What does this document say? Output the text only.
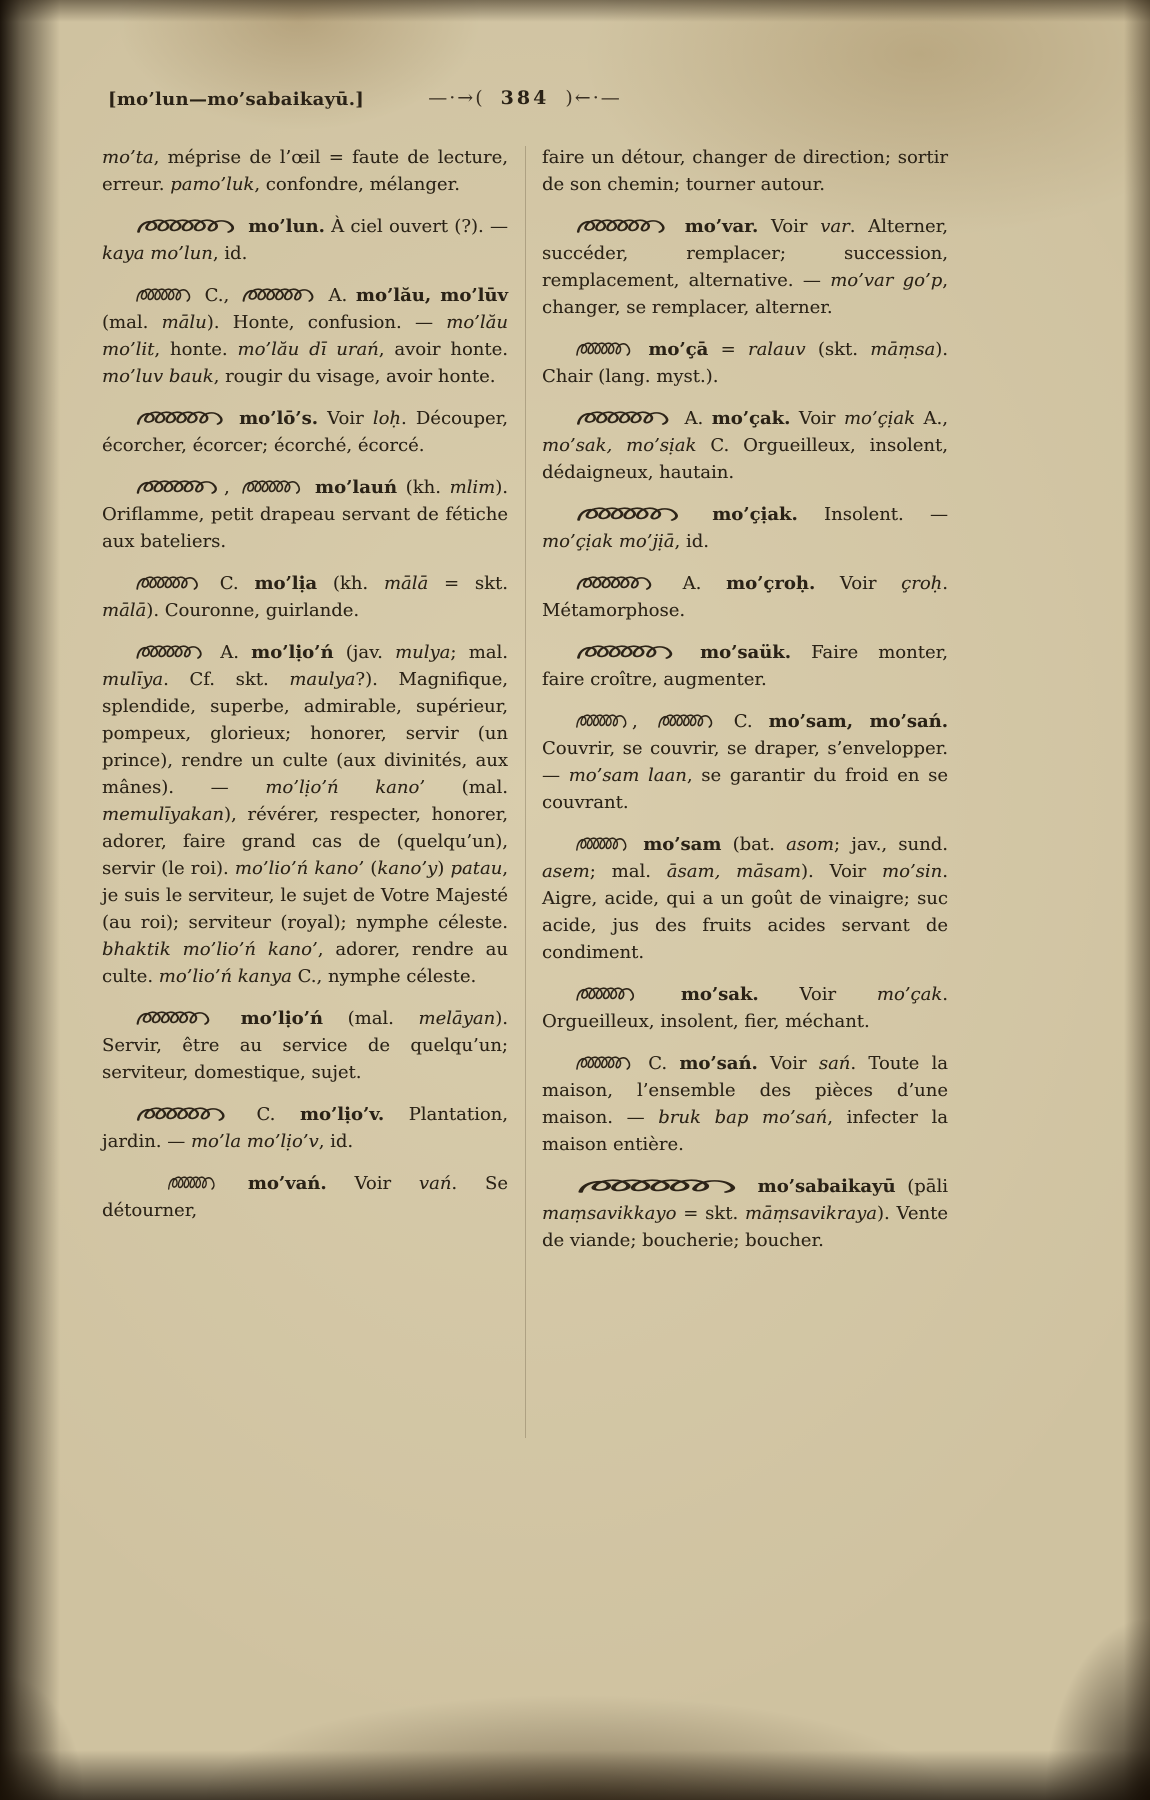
[mo’lun—mo’sabaikayū.]	—·→( 384 )←·—

mo’ta, méprise de l’œil = faute de lecture, erreur. pamo’luk, confondre, mélanger.

mo’lun. À ciel ouvert (?). — kaya mo’lun, id.

C.,	A. mo’lău, mo’lūv (mal. mālu). Honte, confusion. — mo’lău mo’lit, honte. mo’lău dī urań, avoir honte. mo’luv bauk, rougir du visage, avoir honte.

mo’lō’s. Voir loḥ. Découper, écorcher, écorcer; écorché, écorcé.

,	mo’lauń (kh. mlim). Oriflamme, petit drapeau servant de fétiche aux bateliers.

C. mo’lịa (kh. mālā = skt. mālā). Couronne, guirlande.

A. mo’lịo’ń (jav. mulya; mal. mulīya. Cf. skt. maulya?). Magnifique, splendide, superbe, admirable, supérieur, pompeux, glorieux; honorer, servir (un prince), rendre un culte (aux divinités, aux mânes). — mo’lịo’ń kano’ (mal. memulīyakan), révérer, respecter, honorer, adorer, faire grand cas de (quelqu’un), servir (le roi). mo’lio’ń kano’ (kano’y) patau, je suis le serviteur, le sujet de Votre Majesté (au roi); serviteur (royal); nymphe céleste. bhaktik mo’lio’ń kano’, adorer, rendre au culte. mo’lio’ń kanya C., nymphe céleste.

mo’lịo’ń (mal. melāyan). Servir, être au service de quelqu’un; serviteur, domestique, sujet.

C. mo’lịo’v. Plantation, jardin. — mo’la mo’lịo’v, id.

mo’vań. Voir vań. Se détourner,

faire un détour, changer de direction; sortir de son chemin; tourner autour.

mo’var. Voir var. Alterner, succéder, remplacer; succession, remplacement, alternative. — mo’var go’p, changer, se remplacer, alterner.

mo’çā = ralauv (skt. māṃsa). Chair (lang. myst.).

A. mo’çak. Voir mo’çịak A., mo’sak, mo’sịak C. Orgueilleux, insolent, dédaigneux, hautain.

mo’çịak. Insolent. — mo’çịak mo’jịā, id.

A. mo’çroḥ. Voir çroḥ. Métamorphose.

mo’saük. Faire monter, faire croître, augmenter.

,	C. mo’sam, mo’sań. Couvrir, se couvrir, se draper, s’envelopper. — mo’sam laan, se garantir du froid en se couvrant.

mo’sam (bat. asom; jav., sund. asem; mal. āsam, māsam). Voir mo’sin. Aigre, acide, qui a un goût de vinaigre; suc acide, jus des fruits acides servant de condiment.

mo’sak. Voir mo’çak. Orgueilleux, insolent, fier, méchant.

C. mo’sań. Voir sań. Toute la maison, l’ensemble des pièces d’une maison. — bruk bap mo’sań, infecter la maison entière.

mo’sabaikayū (pāli maṃsavikkayo = skt. māṃsavikraya). Vente de viande; boucherie; boucher.
